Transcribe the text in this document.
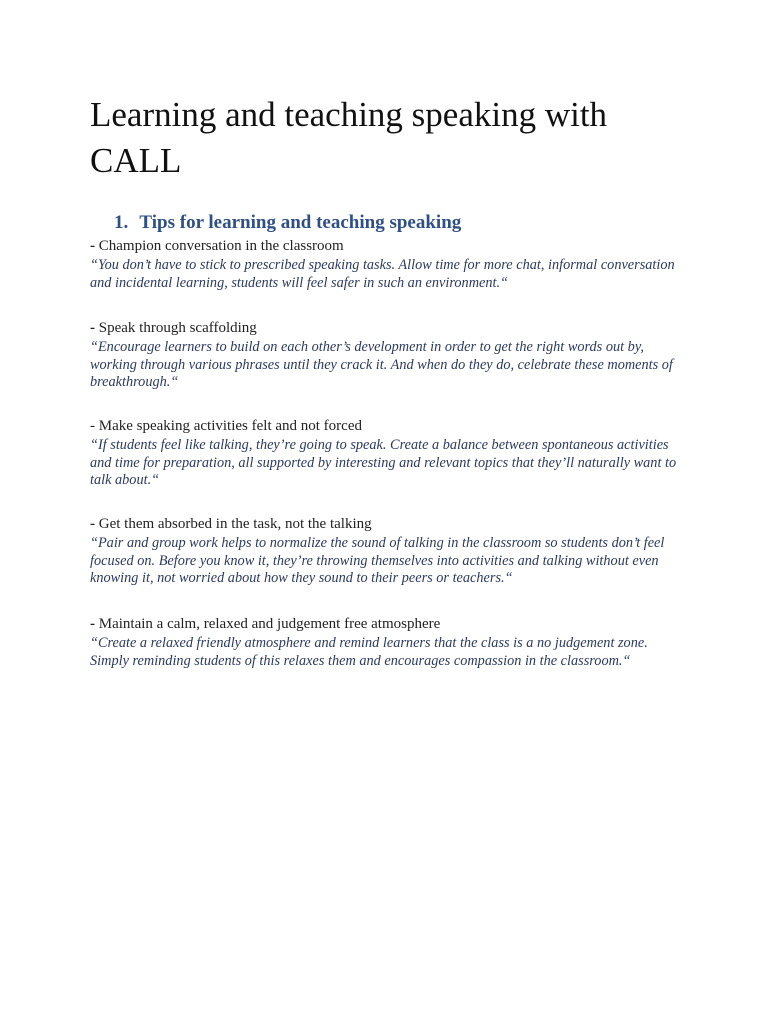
Learning and teaching speaking with CALL
1. Tips for learning and teaching speaking
- Champion conversation in the classroom
“You don’t have to stick to prescribed speaking tasks. Allow time for more chat, informal conversation and incidental learning, students will feel safer in such an environment.“
- Speak through scaffolding
“Encourage learners to build on each other’s development in order to get the right words out by, working through various phrases until they crack it. And when do they do, celebrate these moments of breakthrough.“
- Make speaking activities felt and not forced
“If students feel like talking, they’re going to speak. Create a balance between spontaneous activities and time for preparation, all supported by interesting and relevant topics that they’ll naturally want to talk about.“
- Get them absorbed in the task, not the talking
“Pair and group work helps to normalize the sound of talking in the classroom so students don’t feel focused on. Before you know it, they’re throwing themselves into activities and talking without even knowing it, not worried about how they sound to their peers or teachers.“
- Maintain a calm, relaxed and judgement free atmosphere
“Create a relaxed friendly atmosphere and remind learners that the class is a no judgement zone. Simply reminding students of this relaxes them and encourages compassion in the classroom.“
